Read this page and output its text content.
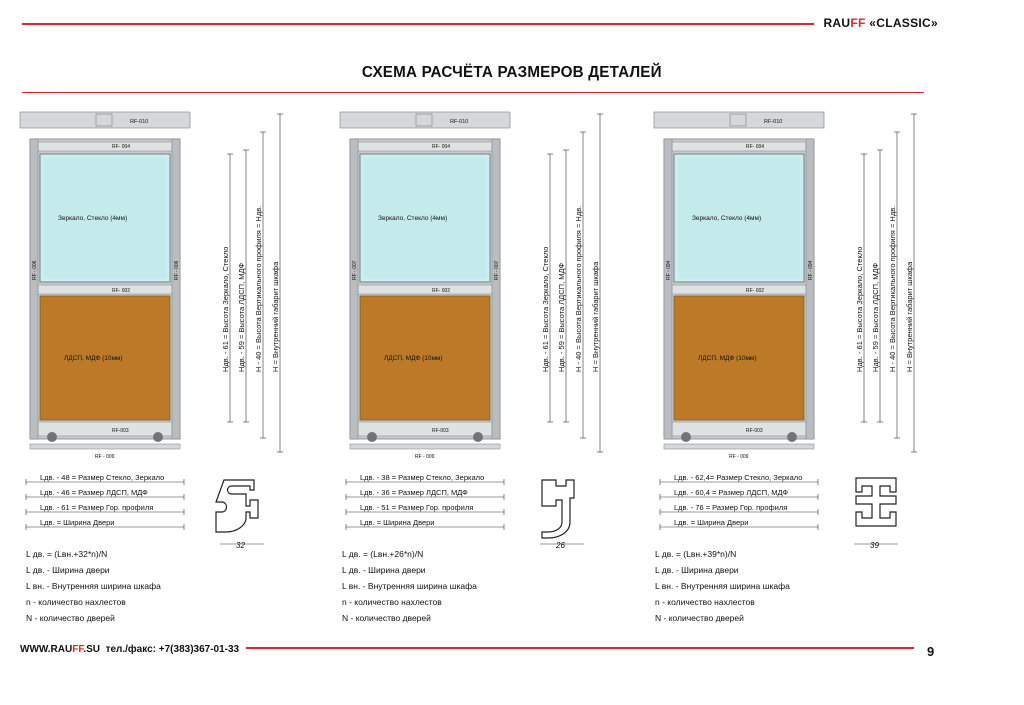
RAUFF «CLASSIC»
СХЕМА РАСЧЁТА РАЗМЕРОВ ДЕТАЛЕЙ
RF-010
RF- 004
Зеркало, Стекло (4мм)
RF- 002
ЛДСП, МДФ (10мм)
RF-003
RF - 009
RF - 006	RF - 006	Ндв. - 61 = Высота Зеркало, Стекло Ндв. - 59 = Высота ЛДСП, МДФ Н - 40 = Высота Вертикального профиля = Ндв. Н = Внутренний габарит шкафа
Lдв. - 48 = Размер Стекло, Зеркало
Lдв. - 46 = Размер ЛДСП, МДФ
Lдв. - 61 = Размер Гор. профиля
Lдв. = Ширина Двери
32
RF-010
RF- 004
Зеркало, Стекло (4мм)
RF- 002
ЛДСП, МДФ (10мм)
RF-003
RF - 009
RF - 007	RF - 007	Ндв. - 61 = Высота Зеркало, Стекло Ндв. - 59 = Высота ЛДСП, МДФ Н - 40 = Высота Вертикального профиля = Ндв. Н = Внутренний габарит шкафа
Lдв. - 38 = Размер Стекло, Зеркало
Lдв. - 36 = Размер ЛДСП, МДФ
Lдв. - 51 = Размер Гор. профиля
Lдв. = Ширина Двери
26
RF-010
RF- 004
Зеркало, Стекло (4мм)
RF- 002
ЛДСП, МДФ (10мм)
RF-003
RF - 009
RF - 094	RF - 094	Ндв. - 61 = Высота Зеркало, Стекло Ндв. - 59 = Высота ЛДСП, МДФ Н - 40 = Высота Вертикального профиля = Ндв. Н = Внутренний габарит шкафа
Lдв. - 62,4= Размер Стекло, Зеркало
Lдв. - 60,4 = Размер ЛДСП, МДФ
Lдв. - 76 = Размер Гор. профиля
Lдв. = Ширина Двери
39
L дв. = (Lвн.+32*n)/N
L дв. - Ширина двери
L вн. - Внутренняя ширина шкафа
n - количество нахлестов
N - количество дверей
L дв. = (Lвн.+26*n)/N
L дв. - Ширина двери
L вн. - Внутренняя ширина шкафа
n - количество нахлестов
N - количество дверей
L дв. = (Lвн.+39*n)/N
L дв. - Ширина двери
L вн. - Внутренняя ширина шкафа
n - количество нахлестов
N - количество дверей
WWW.RAUFF.SU тел./факс: +7(383)367-01-33	9
